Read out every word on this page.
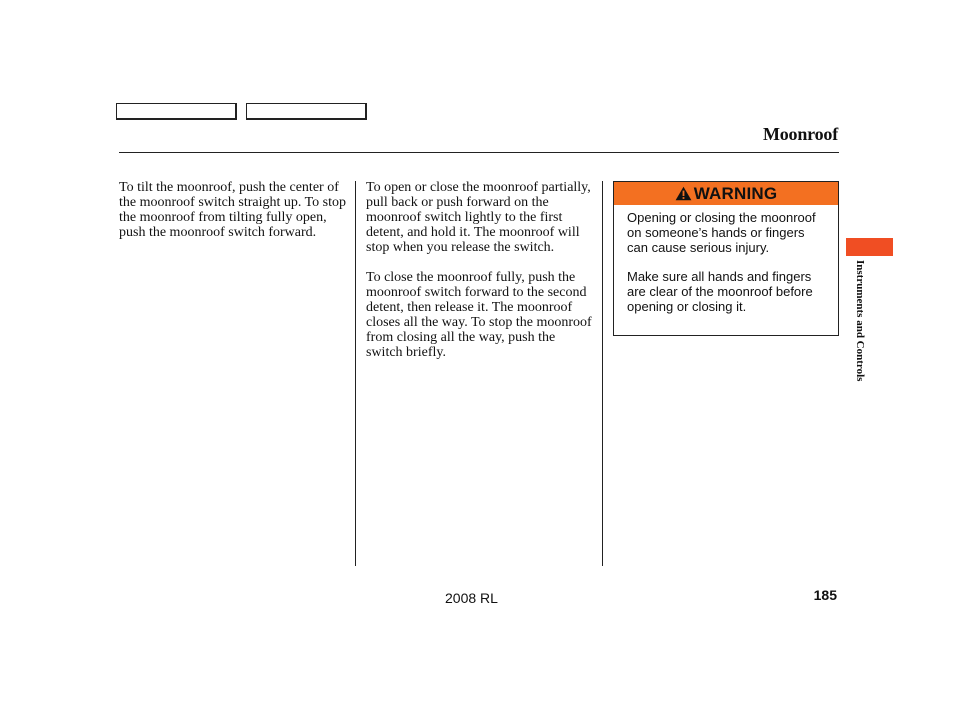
Moonroof

To tilt the moonroof, push the center of the moonroof switch straight up. To stop the moonroof from tilting fully open, push the moonroof switch forward.

To open or close the moonroof partially, pull back or push forward on the moonroof switch lightly to the first detent, and hold it. The moonroof will stop when you release the switch.

To close the moonroof fully, push the moonroof switch forward to the second detent, then release it. The moonroof closes all the way. To stop the moonroof from closing all the way, push the switch briefly.

WARNING

Opening or closing the moonroof on someone’s hands or fingers can cause serious injury.

Make sure all hands and fingers are clear of the moonroof before opening or closing it.	Instruments and Controls
2008 RL	185
